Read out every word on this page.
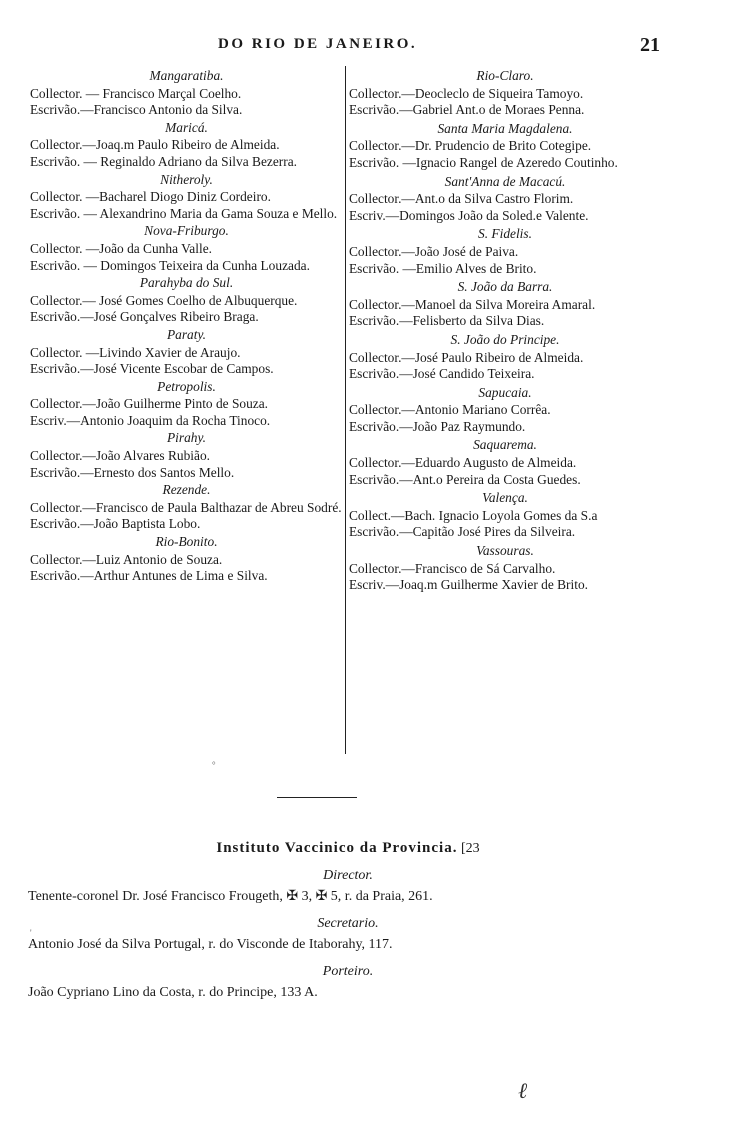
DO RIO DE JANEIRO.	21
Mangaratiba.

Collector. — Francisco Marçal Coelho.

Escrivão.—Francisco Antonio da Silva.

Maricá.

Collector.—Joaq.m Paulo Ribeiro de Almeida.

Escrivão. — Reginaldo Adriano da Silva Bezerra.

Nitheroly.

Collector. —Bacharel Diogo Diniz Cordeiro.

Escrivão. — Alexandrino Maria da Gama Souza e Mello.

Nova-Friburgo.

Collector. —João da Cunha Valle.

Escrivão. — Domingos Teixeira da Cunha Louzada.

Parahyba do Sul.

Collector.— José Gomes Coelho de Albuquerque.

Escrivão.—José Gonçalves Ribeiro Braga.

Paraty.

Collector. —Livindo Xavier de Araujo.

Escrivão.—José Vicente Escobar de Campos.

Petropolis.

Collector.—João Guilherme Pinto de Souza.

Escriv.—Antonio Joaquim da Rocha Tinoco.

Pirahy.

Collector.—João Alvares Rubião.

Escrivão.—Ernesto dos Santos Mello.

Rezende.

Collector.—Francisco de Paula Balthazar de Abreu Sodré.

Escrivão.—João Baptista Lobo.

Rio-Bonito.

Collector.—Luiz Antonio de Souza.

Escrivão.—Arthur Antunes de Lima e Silva.

Rio-Claro.

Collector.—Deocleclo de Siqueira Tamoyo.

Escrivão.—Gabriel Ant.o de Moraes Penna.

Santa Maria Magdalena.

Collector.—Dr. Prudencio de Brito Cotegipe.

Escrivão. —Ignacio Rangel de Azeredo Coutinho.

Sant'Anna de Macacú.

Collector.—Ant.o da Silva Castro Florim.

Escriv.—Domingos João da Soled.e Valente.

S. Fidelis.

Collector.—João José de Paiva.

Escrivão. —Emilio Alves de Brito.

S. João da Barra.

Collector.—Manoel da Silva Moreira Amaral.

Escrivão.—Felisberto da Silva Dias.

S. João do Principe.

Collector.—José Paulo Ribeiro de Almeida.

Escrivão.—José Candido Teixeira.

Sapucaia.

Collector.—Antonio Mariano Corrêa.

Escrivão.—João Paz Raymundo.

Saquarema.

Collector.—Eduardo Augusto de Almeida.

Escrivão.—Ant.o Pereira da Costa Guedes.

Valença.

Collect.—Bach. Ignacio Loyola Gomes da S.a

Escrivão.—Capitão José Pires da Silveira.

Vassouras.

Collector.—Francisco de Sá Carvalho.

Escriv.—Joaq.m Guilherme Xavier de Brito.

°
Instituto Vaccinico da Provincia. [23
Director.
Tenente-coronel Dr. José Francisco Frougeth, ✠ 3, ✠ 5, r. da Praia, 261.
Secretario.
Antonio José da Silva Portugal, r. do Visconde de Itaborahy, 117.
Porteiro.
João Cypriano Lino da Costa, r. do Principe, 133 A.
'
ℓ
